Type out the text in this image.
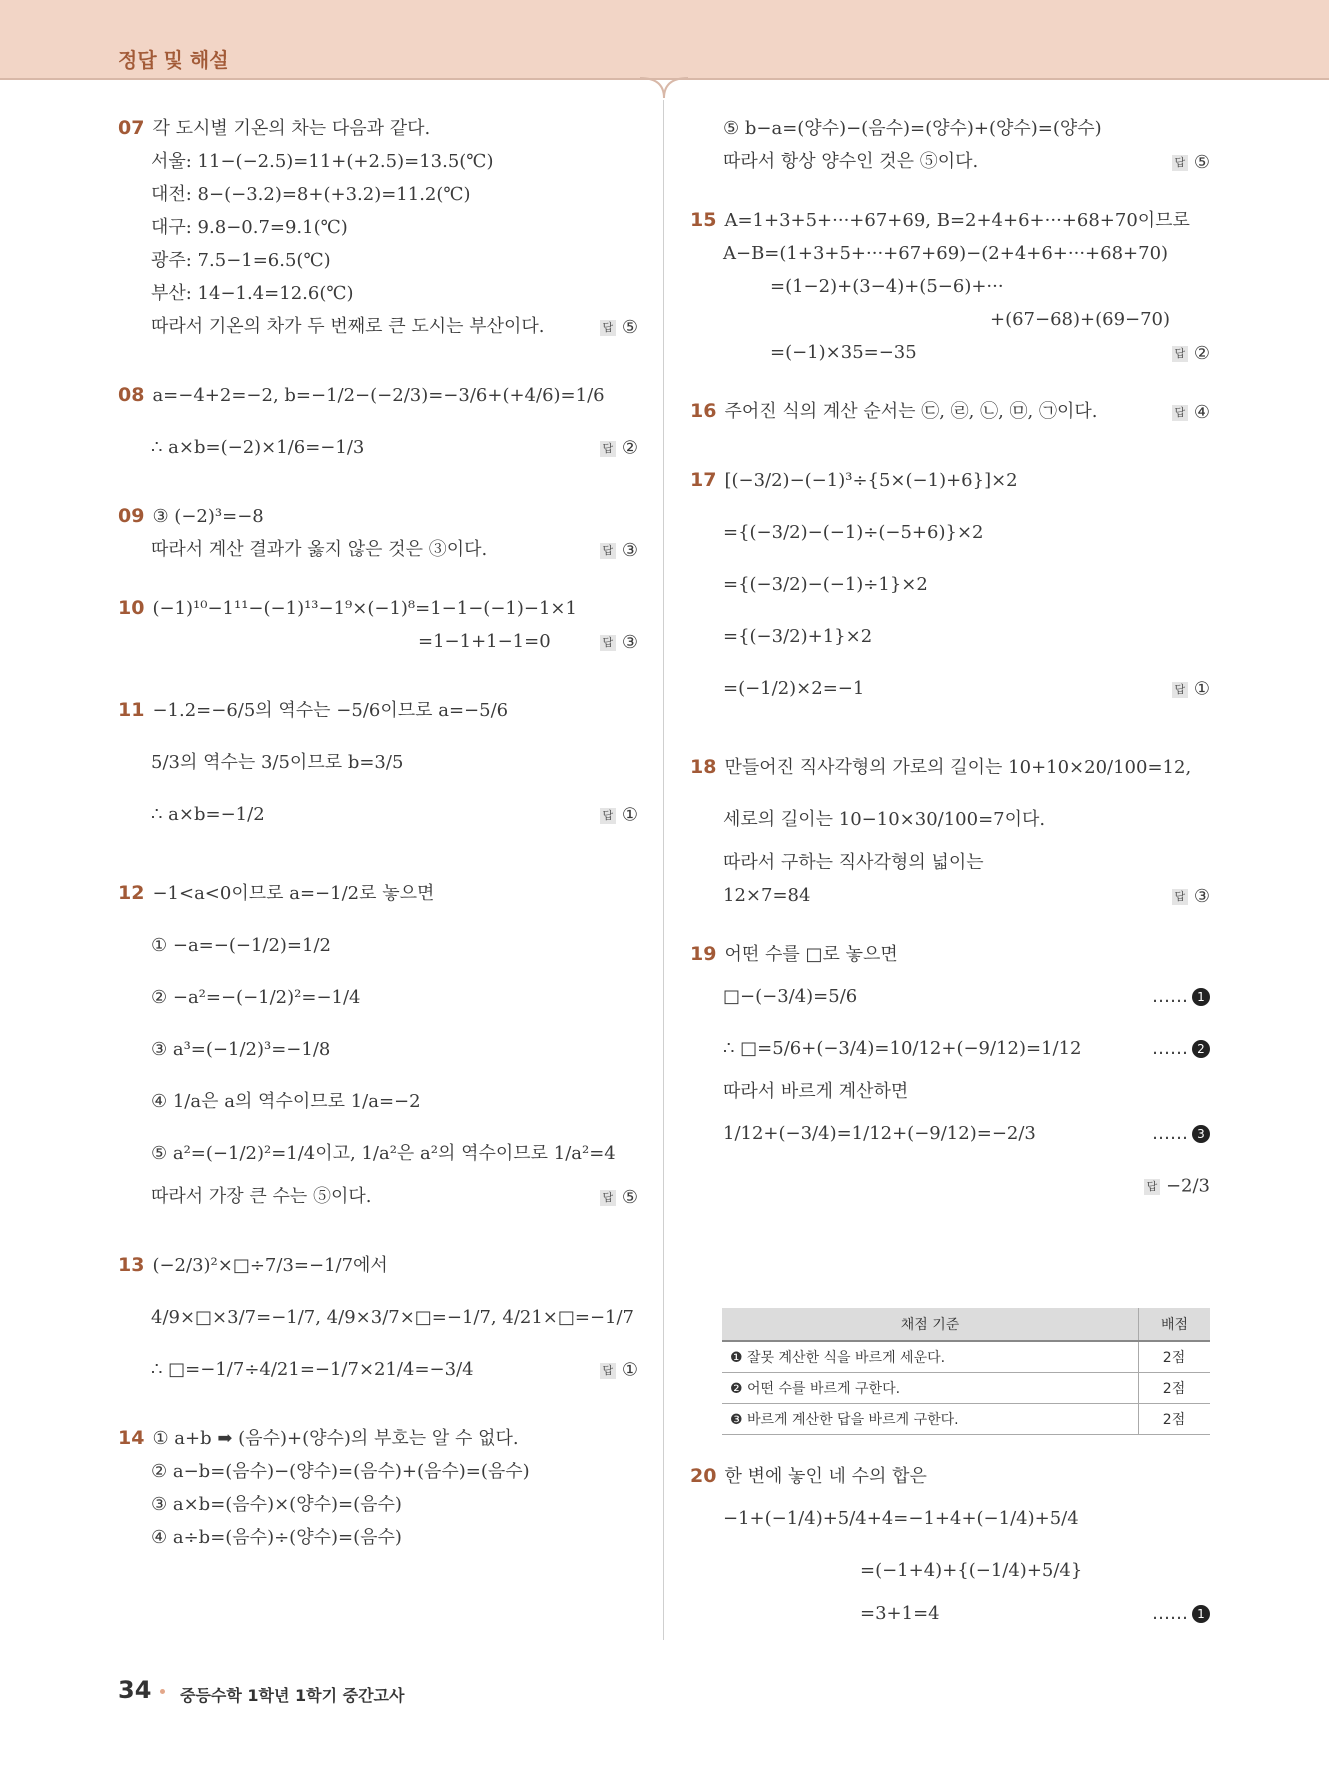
정답 및 해설
07 각 도시별 기온의 차는 다음과 같다.
서울: 11−(−2.5)=11+(+2.5)=13.5(℃)
대전: 8−(−3.2)=8+(+3.2)=11.2(℃)
대구: 9.8−0.7=9.1(℃)
광주: 7.5−1=6.5(℃)
부산: 14−1.4=12.6(℃)
따라서 기온의 차가 두 번째로 큰 도시는 부산이다.	답 ⑤
08 a=−4+2=−2, b=−1/2−(−2/3)=−3/6+(+4/6)=1/6
∴ a×b=(−2)×1/6=−1/3	답 ②
09 ③ (−2)³=−8
따라서 계산 결과가 옳지 않은 것은 ③이다.	답 ③
10 (−1)¹⁰−1¹¹−(−1)¹³−1⁹×(−1)⁸=1−1−(−1)−1×1
=1−1+1−1=0	답 ③
11 −1.2=−6/5의 역수는 −5/6이므로 a=−5/6
5/3의 역수는 3/5이므로 b=3/5
∴ a×b=−1/2	답 ①
12 −1<a<0이므로 a=−1/2로 놓으면
① −a=−(−1/2)=1/2
② −a²=−(−1/2)²=−1/4
③ a³=(−1/2)³=−1/8
④ 1/a은 a의 역수이므로 1/a=−2
⑤ a²=(−1/2)²=1/4이고, 1/a²은 a²의 역수이므로 1/a²=4
따라서 가장 큰 수는 ⑤이다.	답 ⑤
13 (−2/3)²×□÷7/3=−1/7에서
4/9×□×3/7=−1/7, 4/9×3/7×□=−1/7, 4/21×□=−1/7
∴ □=−1/7÷4/21=−1/7×21/4=−3/4	답 ①
14 ① a+b ➡ (음수)+(양수)의 부호는 알 수 없다.
② a−b=(음수)−(양수)=(음수)+(음수)=(음수)
③ a×b=(음수)×(양수)=(음수)
④ a÷b=(음수)÷(양수)=(음수)
⑤ b−a=(양수)−(음수)=(양수)+(양수)=(양수)
따라서 항상 양수인 것은 ⑤이다.	답 ⑤
15 A=1+3+5+···+67+69, B=2+4+6+···+68+70이므로
A−B=(1+3+5+···+67+69)−(2+4+6+···+68+70)
=(1−2)+(3−4)+(5−6)+···
+(67−68)+(69−70)
=(−1)×35=−35	답 ②
16 주어진 식의 계산 순서는 ㉢, ㉣, ㉡, ㉤, ㉠이다.	답 ④
17 [(−3/2)−(−1)³÷{5×(−1)+6}]×2
={(−3/2)−(−1)÷(−5+6)}×2
={(−3/2)−(−1)÷1}×2
={(−3/2)+1}×2
=(−1/2)×2=−1	답 ①
18 만들어진 직사각형의 가로의 길이는 10+10×20/100=12,
세로의 길이는 10−10×30/100=7이다.
따라서 구하는 직사각형의 넓이는
12×7=84	답 ③
19 어떤 수를 □로 놓으면
□−(−3/4)=5/6	…… 1
∴ □=5/6+(−3/4)=10/12+(−9/12)=1/12	…… 2
따라서 바르게 계산하면
1/12+(−3/4)=1/12+(−9/12)=−2/3	…… 3
답 −2/3
채점 기준	배점
❶ 잘못 계산한 식을 바르게 세운다.	2점
❷ 어떤 수를 바르게 구한다.	2점
❸ 바르게 계산한 답을 바르게 구한다.	2점
20 한 변에 놓인 네 수의 합은
−1+(−1/4)+5/4+4=−1+4+(−1/4)+5/4
=(−1+4)+{(−1/4)+5/4}
=3+1=4	…… 1
34 중등수학 1학년 1학기 중간고사
